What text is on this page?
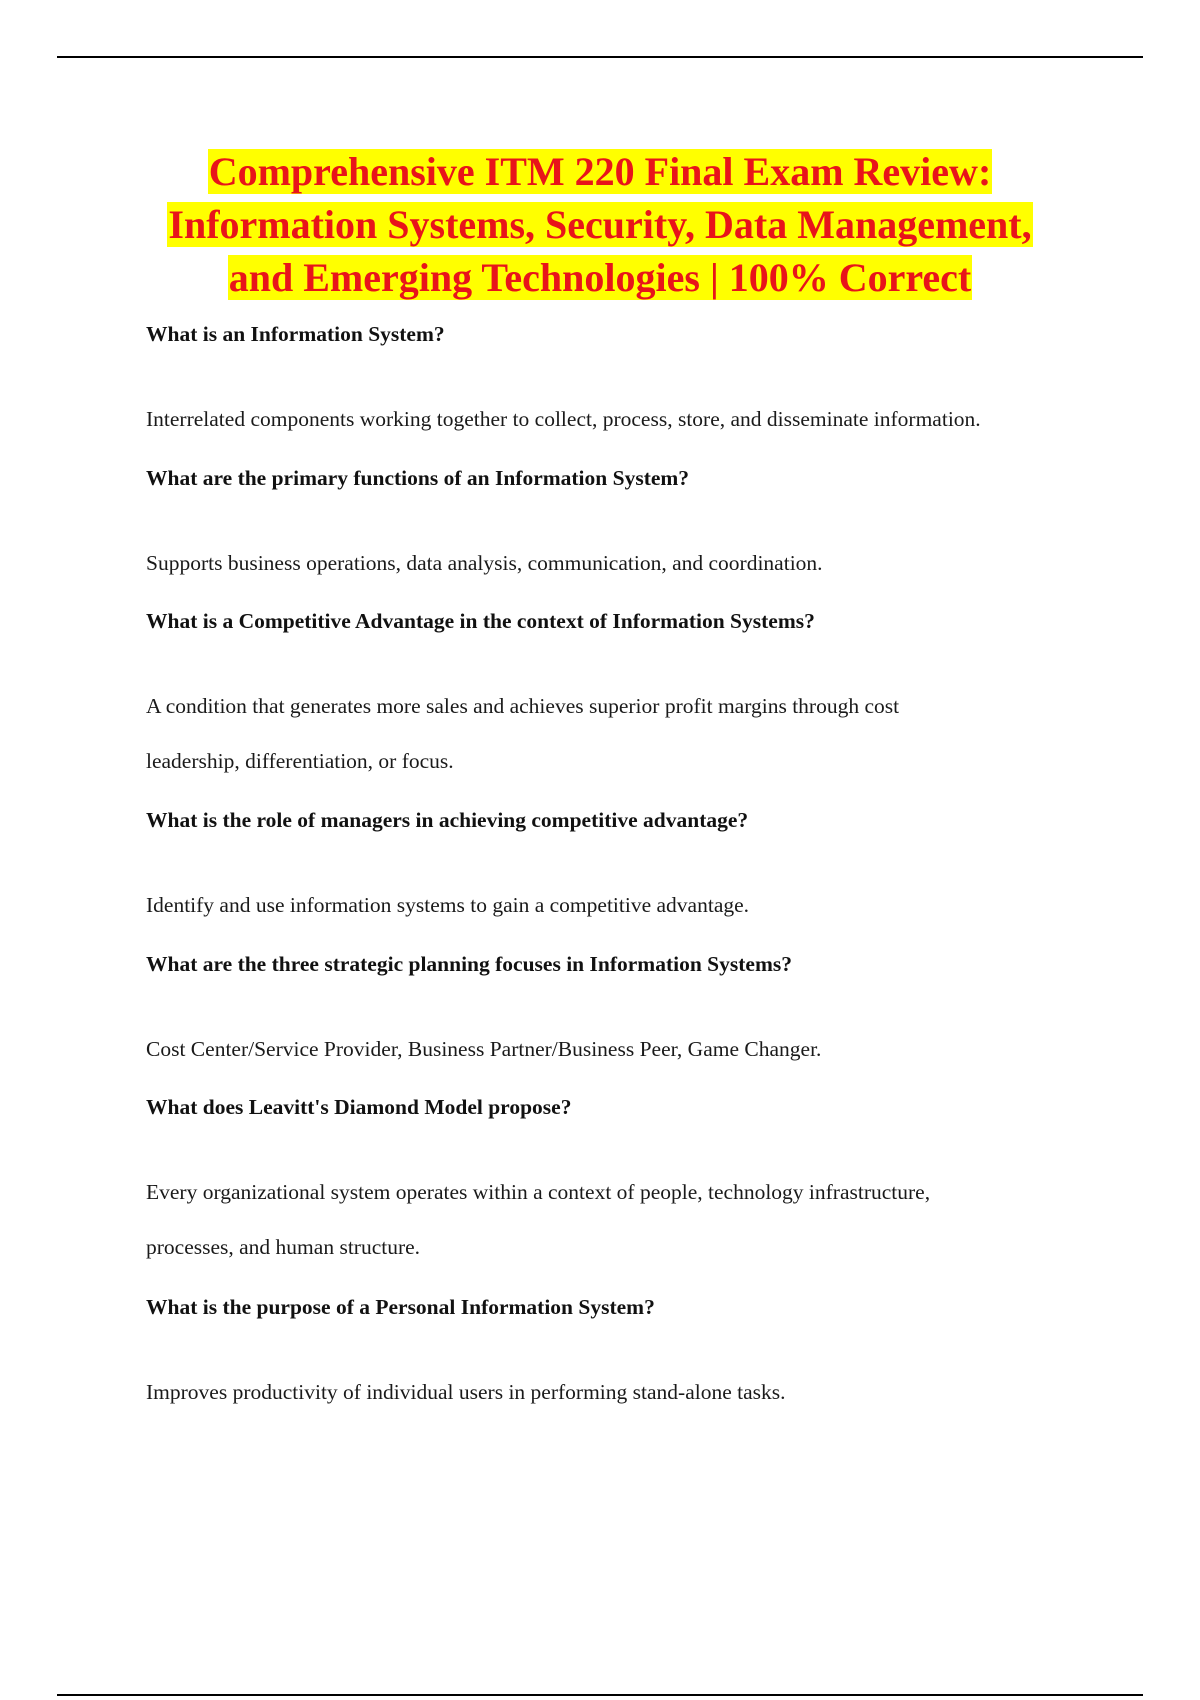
Comprehensive ITM 220 Final Exam Review:
Information Systems, Security, Data Management,
and Emerging Technologies | 100% Correct

What is an Information System?

Interrelated components working together to collect, process, store, and disseminate information.

What are the primary functions of an Information System?

Supports business operations, data analysis, communication, and coordination.

What is a Competitive Advantage in the context of Information Systems?

A condition that generates more sales and achieves superior profit margins through cost

leadership, differentiation, or focus.

What is the role of managers in achieving competitive advantage?

Identify and use information systems to gain a competitive advantage.

What are the three strategic planning focuses in Information Systems?

Cost Center/Service Provider, Business Partner/Business Peer, Game Changer.

What does Leavitt's Diamond Model propose?

Every organizational system operates within a context of people, technology infrastructure,

processes, and human structure.

What is the purpose of a Personal Information System?

Improves productivity of individual users in performing stand-alone tasks.
